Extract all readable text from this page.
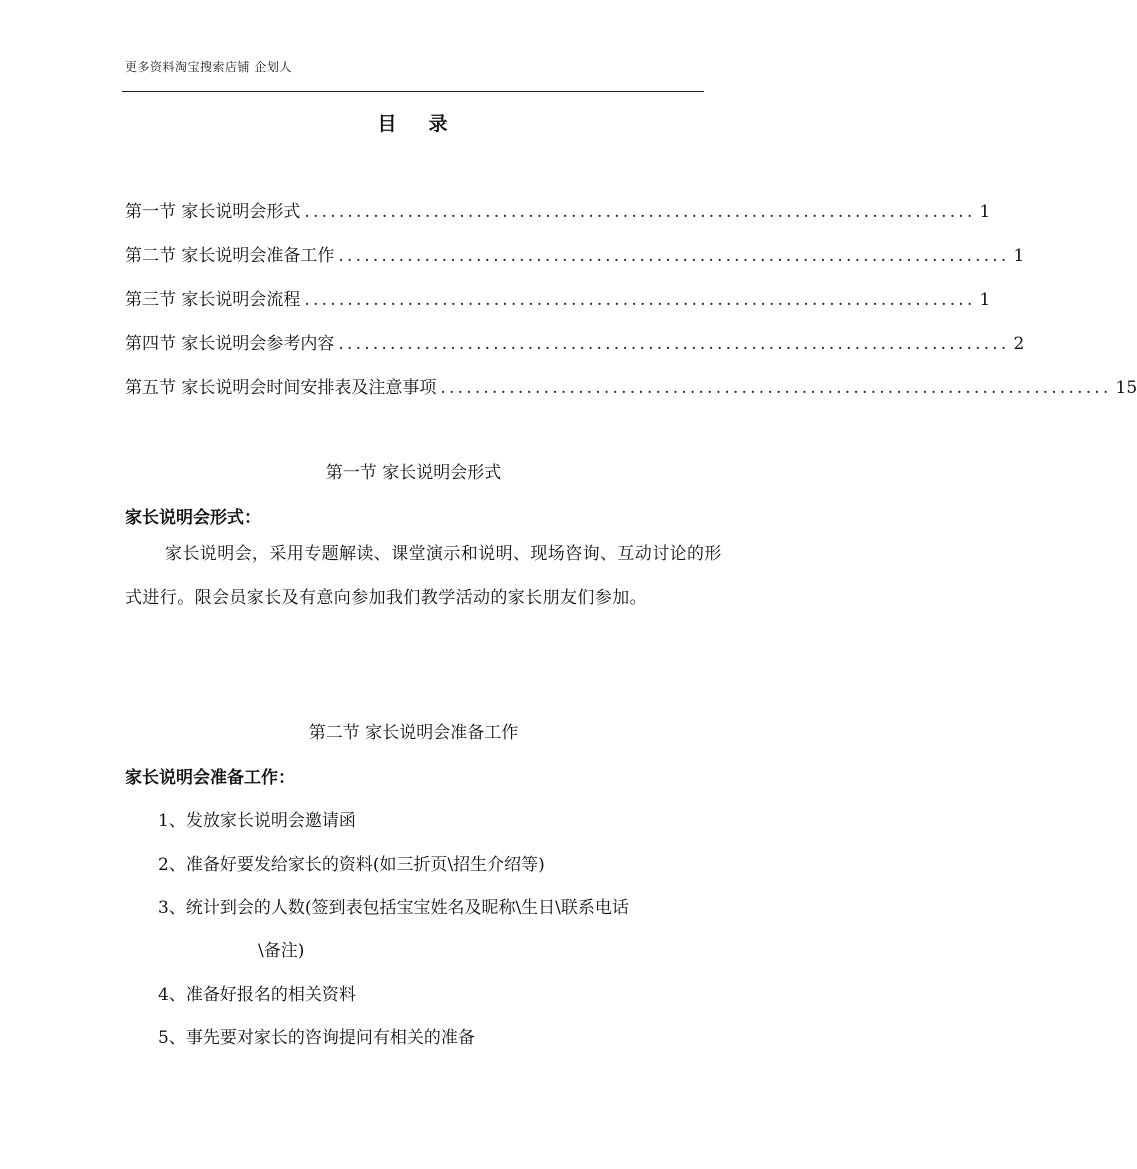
更多资料淘宝搜索店铺 企划人
目 录
第一节 家长说明会形式 .............................................................................. 1
第二节 家长说明会准备工作 .............................................................................. 1
第三节 家长说明会流程 .............................................................................. 1
第四节 家长说明会参考内容 .............................................................................. 2
第五节 家长说明会时间安排表及注意事项 .............................................................................. 15
第一节 家长说明会形式
家长说明会形式：
家长说明会，采用专题解读、课堂演示和说明、现场咨询、互动讨论的形式进行。限会员家长及有意向参加我们教学活动的家长朋友们参加。
第二节 家长说明会准备工作
家长说明会准备工作：
1、发放家长说明会邀请函
2、准备好要发给家长的资料(如三折页\招生介绍等)
3、统计到会的人数(签到表包括宝宝姓名及昵称\生日\联系电话
\备注)
4、准备好报名的相关资料
5、事先要对家长的咨询提问有相关的准备
